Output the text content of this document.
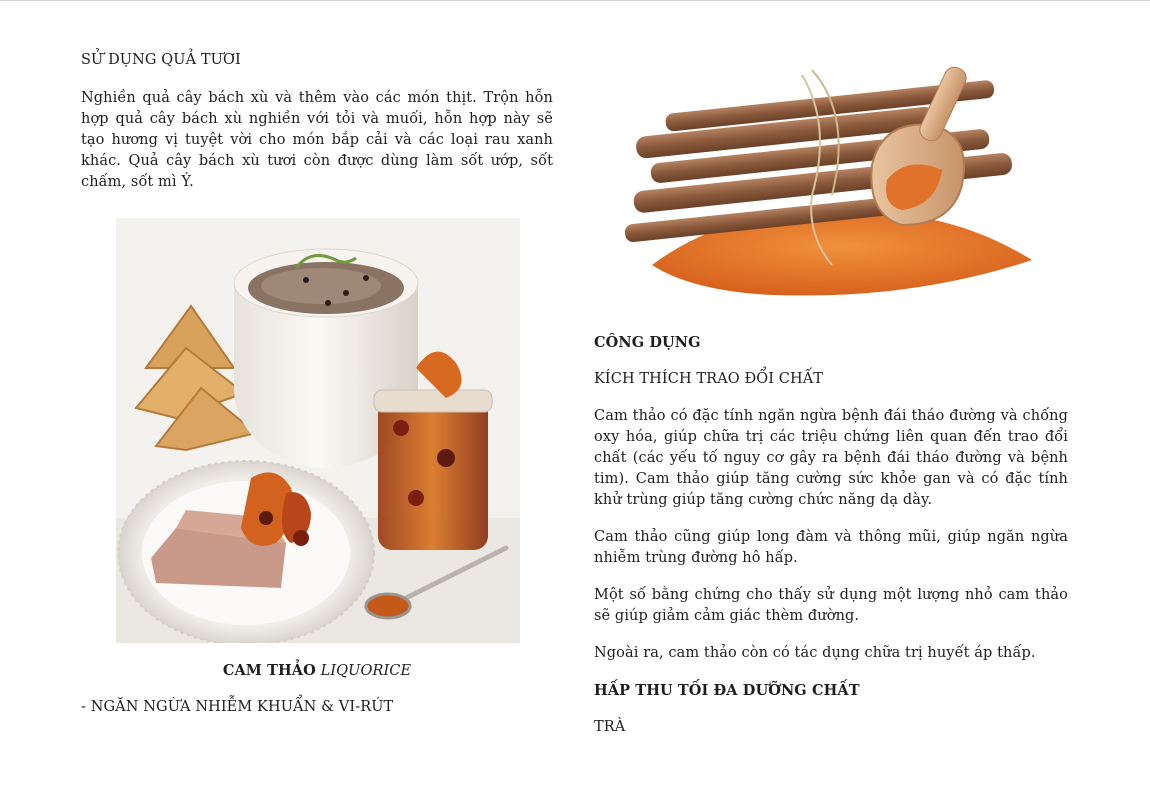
SỬ DỤNG QUẢ TƯƠI

Nghiền quả cây bách xù và thêm vào các món thịt. Trộn hỗn hợp quả cây bách xù nghiền với tỏi và muối, hỗn hợp này sẽ tạo hương vị tuyệt vời cho món bắp cải và các loại rau xanh khác. Quả cây bách xù tươi còn được dùng làm sốt ướp, sốt chấm, sốt mì Ý.

CAM THẢO LIQUORICE

- NGĂN NGỪA NHIỄM KHUẨN & VI-RÚT

CÔNG DỤNG

KÍCH THÍCH TRAO ĐỔI CHẤT

Cam thảo có đặc tính ngăn ngừa bệnh đái tháo đường và chống oxy hóa, giúp chữa trị các triệu chứng liên quan đến trao đổi chất (các yếu tố nguy cơ gây ra bệnh đái tháo đường và bệnh tim). Cam thảo giúp tăng cường sức khỏe gan và có đặc tính khử trùng giúp tăng cường chức năng dạ dày.

Cam thảo cũng giúp long đàm và thông mũi, giúp ngăn ngừa nhiễm trùng đường hô hấp.

Một số bằng chứng cho thấy sử dụng một lượng nhỏ cam thảo sẽ giúp giảm cảm giác thèm đường.

Ngoài ra, cam thảo còn có tác dụng chữa trị huyết áp thấp.

HẤP THU TỐI ĐA DƯỠNG CHẤT

TRÀ
